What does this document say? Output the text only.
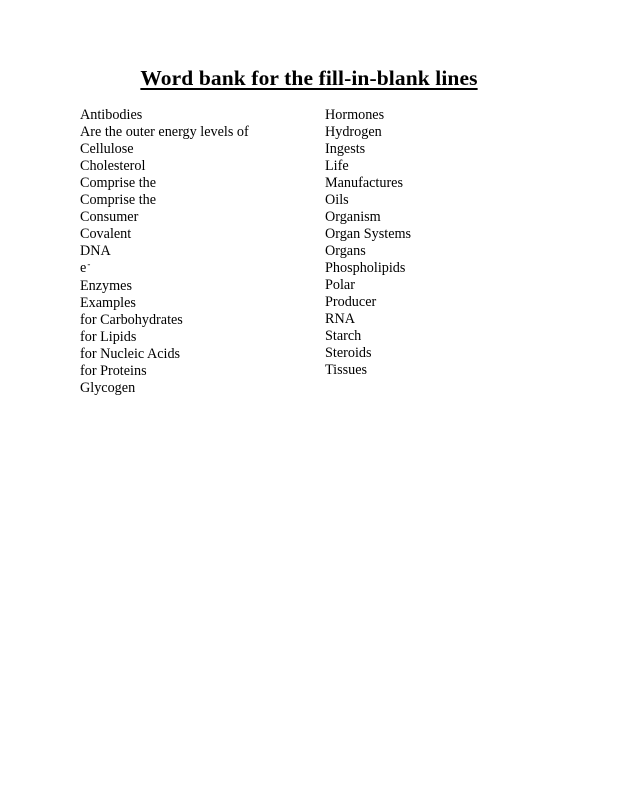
Word bank for the fill-in-blank lines
Antibodies
Are the outer energy levels of
Cellulose
Cholesterol
Comprise the
Comprise the
Consumer
Covalent
DNA
e-
Enzymes
Examples
for Carbohydrates
for Lipids
for Nucleic Acids
for Proteins
Glycogen
Hormones
Hydrogen
Ingests
Life
Manufactures
Oils
Organism
Organ Systems
Organs
Phospholipids
Polar
Producer
RNA
Starch
Steroids
Tissues
